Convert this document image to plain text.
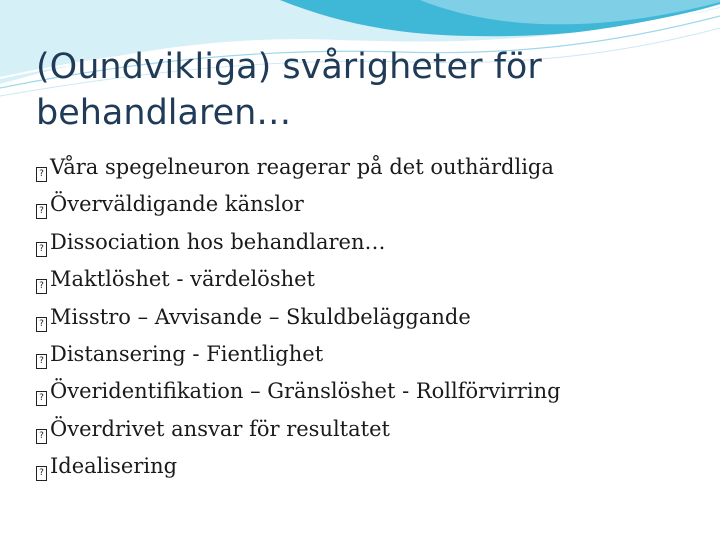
(Oundvikliga) svårigheter för behandlaren…
? Våra spegelneuron reagerar på det outhärdliga
? Överväldigande känslor
? Dissociation hos behandlaren…
? Maktlöshet - värdelöshet
? Misstro – Avvisande – Skuldbeläggande
? Distansering - Fientlighet
? Överidentifikation – Gränslöshet - Rollförvirring
? Överdrivet ansvar för resultatet
? Idealisering
